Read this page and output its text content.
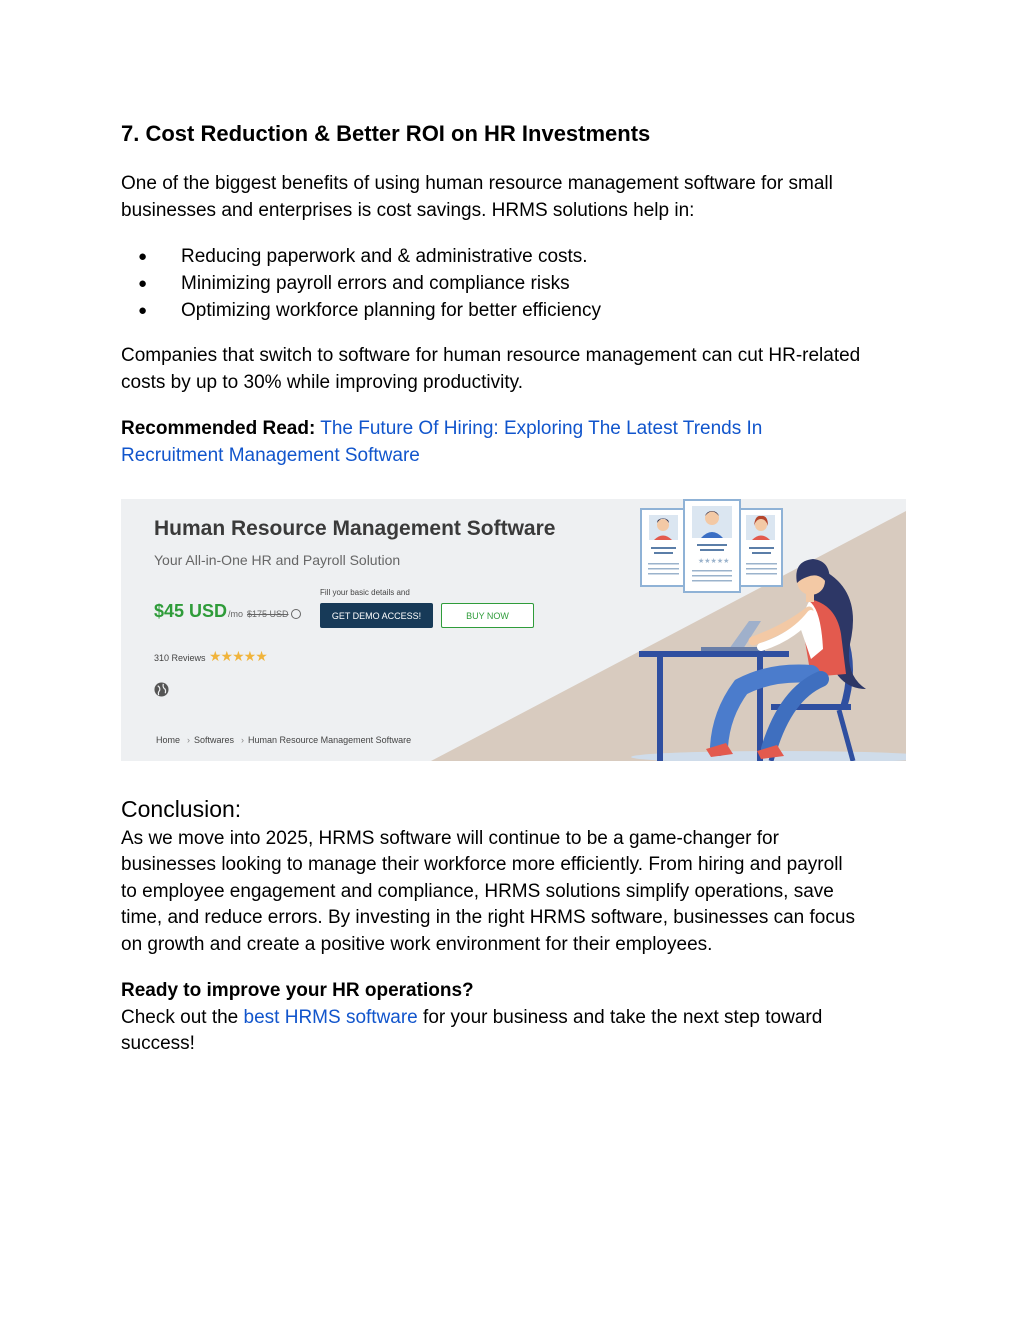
7. Cost Reduction & Better ROI on HR Investments

One of the biggest benefits of using human resource management software for small
businesses and enterprises is cost savings. HRMS solutions help in:

● Reducing paperwork and & administrative costs.
● Minimizing payroll errors and compliance risks
● Optimizing workforce planning for better efficiency

Companies that switch to software for human resource management can cut HR-related
costs by up to 30% while improving productivity.

Recommended Read: The Future Of Hiring: Exploring The Latest Trends In
Recruitment Management Software

Conclusion:
As we move into 2025, HRMS software will continue to be a game-changer for
businesses looking to manage their workforce more efficiently. From hiring and payroll
to employee engagement and compliance, HRMS solutions simplify operations, save
time, and reduce errors. By investing in the right HRMS software, businesses can focus
on growth and create a positive work environment for their employees.

Ready to improve your HR operations?
Check out the best HRMS software for your business and take the next step toward
success!

Human Resource Management Software
Your All-in-One HR and Payroll Solution
Fill your basic details and
$45 USD /mo $175 USD	GET DEMO ACCESS!	BUY NOW
310 Reviews ★★★★★
Home › Softwares › Human Resource Management Software
★★★★★
